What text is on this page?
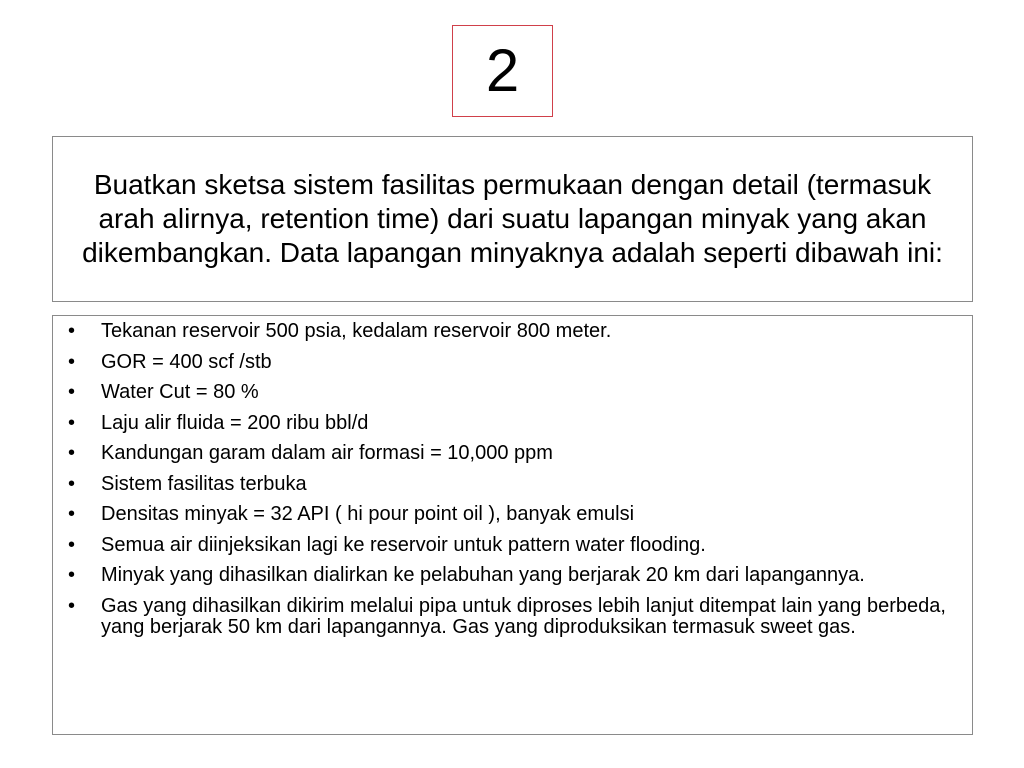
2
Buatkan sketsa sistem fasilitas permukaan dengan detail (termasuk arah alirnya, retention time) dari suatu lapangan minyak yang akan dikembangkan. Data lapangan minyaknya adalah seperti dibawah ini:
•	Tekanan reservoir 500 psia, kedalam reservoir 800 meter.
•	GOR = 400 scf /stb
•	Water Cut = 80 %
•	Laju alir fluida = 200 ribu bbl/d
•	Kandungan garam dalam air formasi = 10,000 ppm
•	Sistem fasilitas terbuka
•	Densitas minyak = 32 API ( hi pour point oil ), banyak emulsi
•	Semua air diinjeksikan lagi ke reservoir untuk pattern water flooding.
•	Minyak yang dihasilkan dialirkan ke pelabuhan yang berjarak 20 km dari lapangannya.
•	Gas yang dihasilkan dikirim melalui pipa untuk diproses lebih lanjut ditempat lain yang berbeda, yang berjarak 50 km dari lapangannya. Gas yang diproduksikan termasuk sweet gas.
